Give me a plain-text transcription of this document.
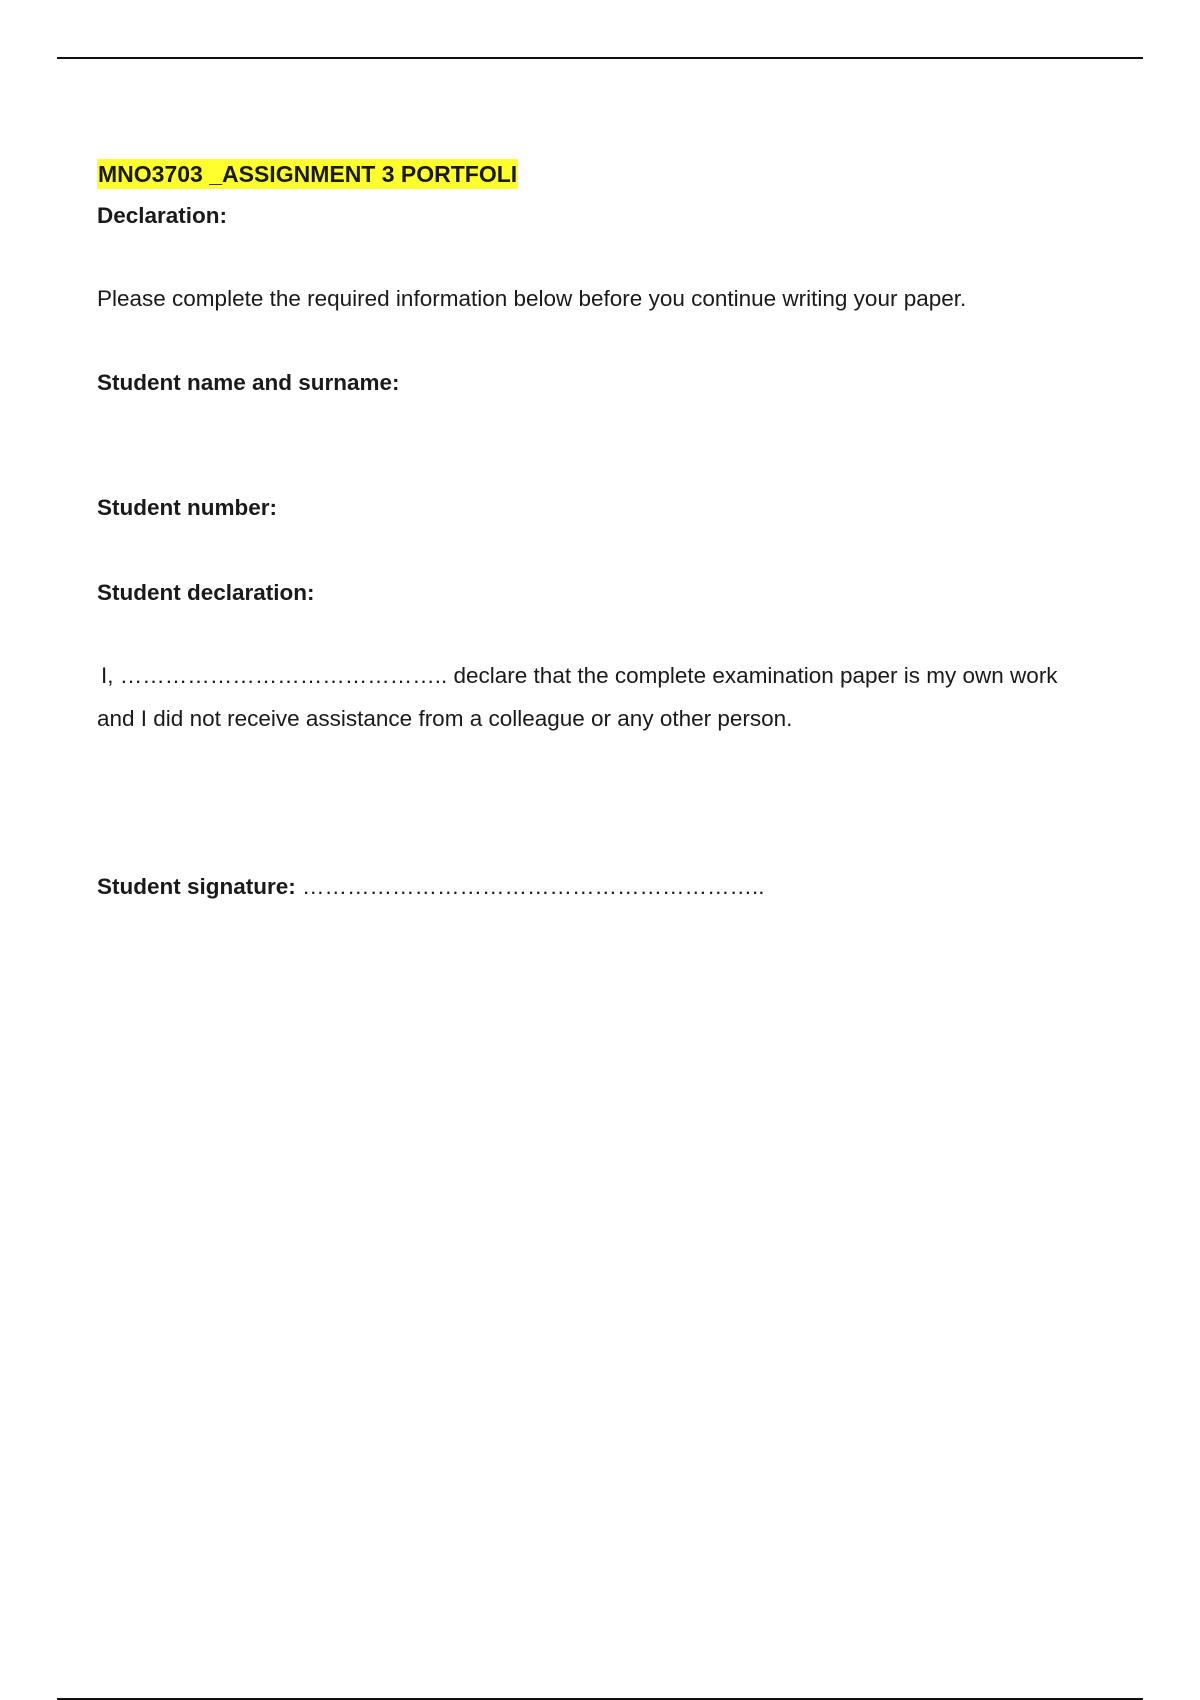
MNO3703 _ASSIGNMENT 3 PORTFOLI
Declaration:
Please complete the required information below before you continue writing your paper.
Student name and surname:
Student number:
Student declaration:
I, …………………………………….. declare that the complete examination paper is my own work
and I did not receive assistance from a colleague or any other person.
Student signature: ……………………………………………………..
